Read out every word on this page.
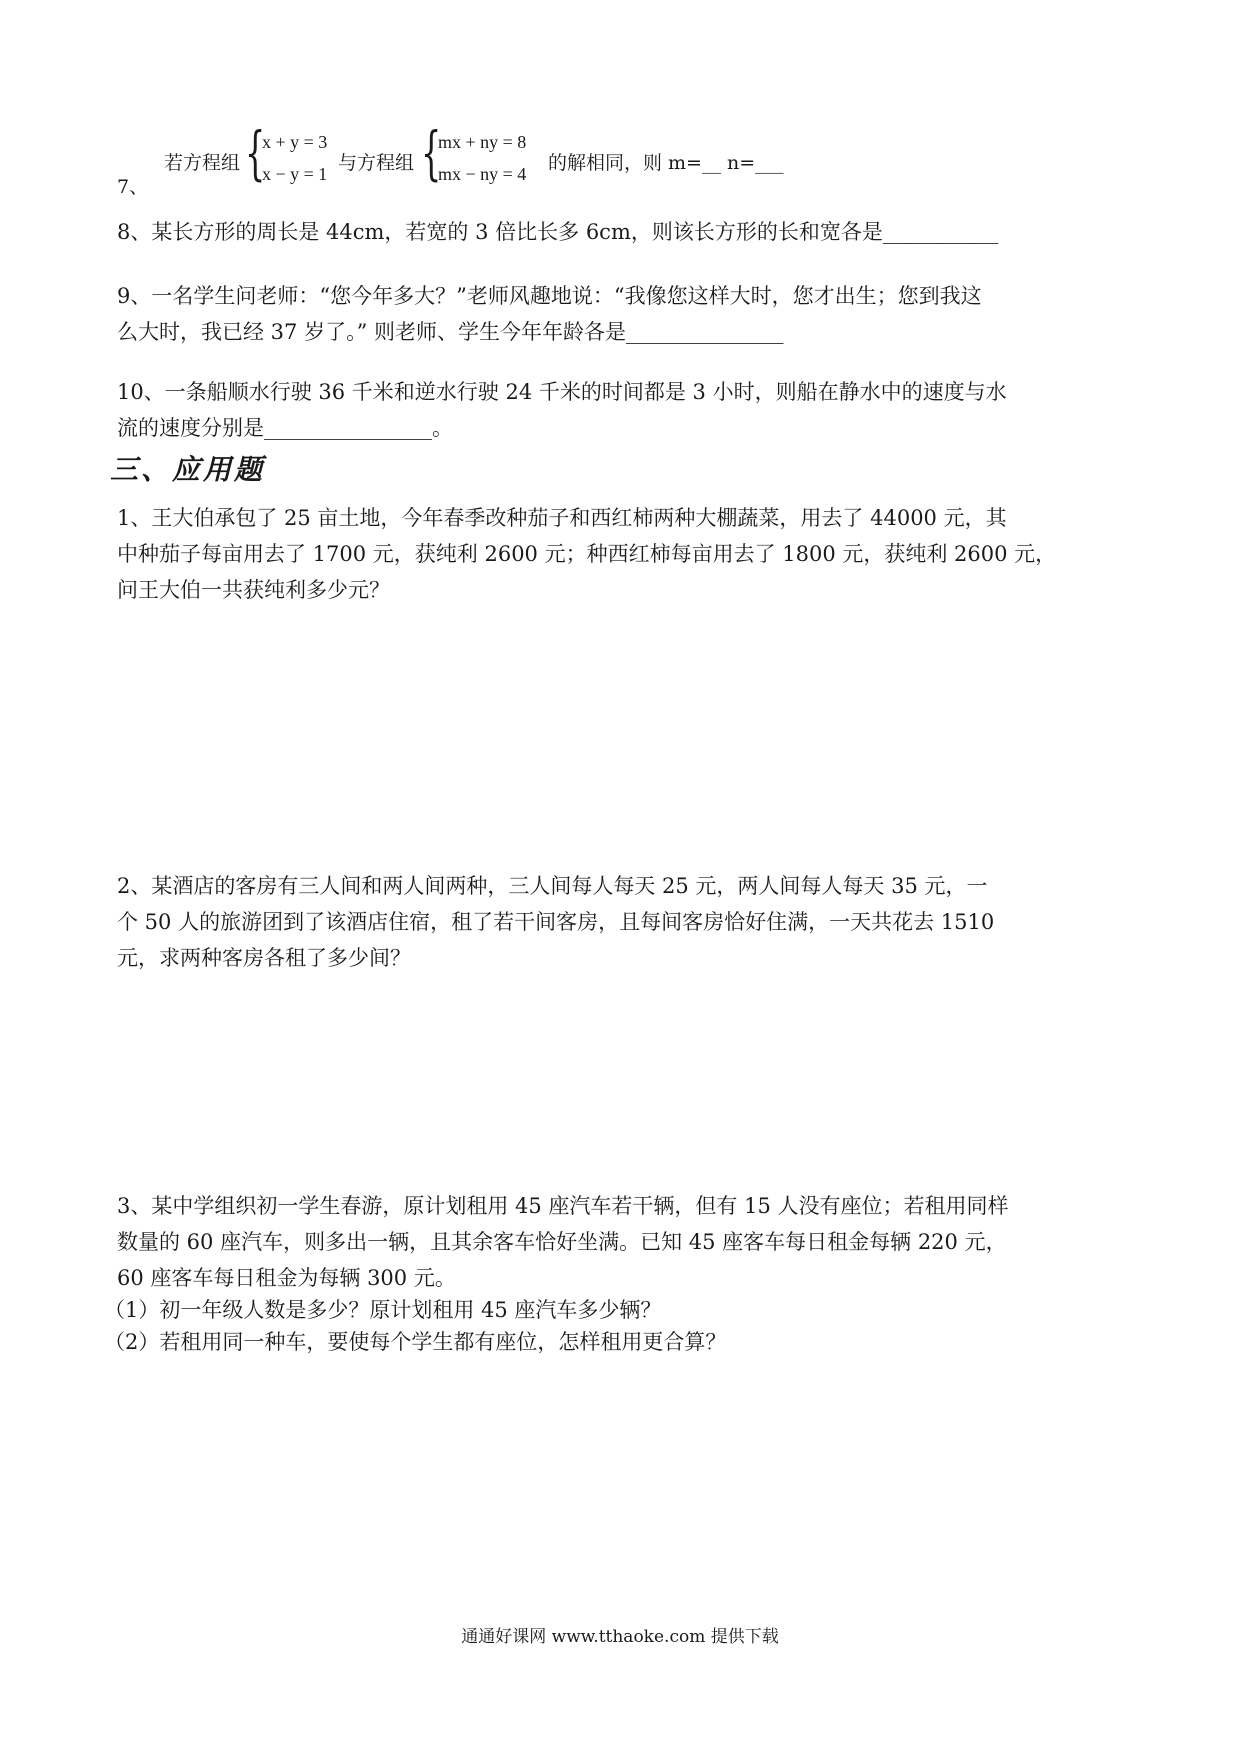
若方程组 {
x + y = 3
x − y = 1 与方程组 {
mx + ny = 8
mx − ny = 4 的解相同，则 m=__ n=___
7、
8、某长方形的周长是 44cm，若宽的 3 倍比长多 6cm，则该长方形的长和宽各是___________
9、一名学生问老师：“您今年多大？”老师风趣地说：“我像您这样大时，您才出生；您到我这
么大时，我已经 37 岁了。” 则老师、学生今年年龄各是_______________
10、一条船顺水行驶 36 千米和逆水行驶 24 千米的时间都是 3 小时，则船在静水中的速度与水
流的速度分别是________________。
三、应用题
1、王大伯承包了 25 亩土地，今年春季改种茄子和西红柿两种大棚蔬菜，用去了 44000 元，其
中种茄子每亩用去了 1700 元，获纯利 2600 元；种西红柿每亩用去了 1800 元，获纯利 2600 元，
问王大伯一共获纯利多少元？
2、某酒店的客房有三人间和两人间两种，三人间每人每天 25 元，两人间每人每天 35 元，一
个 50 人的旅游团到了该酒店住宿，租了若干间客房，且每间客房恰好住满，一天共花去 1510
元，求两种客房各租了多少间？
3、某中学组织初一学生春游，原计划租用 45 座汽车若干辆，但有 15 人没有座位；若租用同样
数量的 60 座汽车，则多出一辆，且其余客车恰好坐满。已知 45 座客车每日租金每辆 220 元，
60 座客车每日租金为每辆 300 元。
（1）初一年级人数是多少？原计划租用 45 座汽车多少辆？
（2）若租用同一种车，要使每个学生都有座位，怎样租用更合算？
通通好课网 www.tthaoke.com 提供下载
